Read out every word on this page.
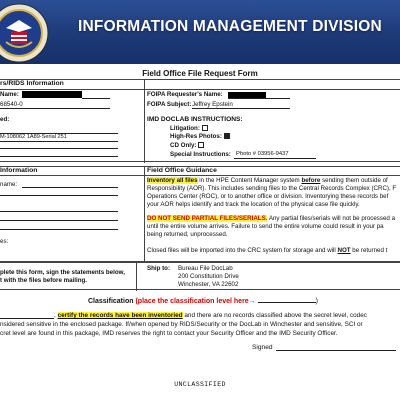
INFORMATION MANAGEMENT DIVISION
Field Office File Request Form
rs/RIDS Information
Name:
68540-0
ed:
M-108062 1A89-Serial 251
FOIPA Requester's Name:
FOIPA Subject: Jeffrey Epstein
IMD DOCLAB INSTRUCTIONS:
Litigation:
High-Res Photos:
CD Only:
Special Instructions: Photo # 03956-9437
Information	Field Office Guidance
name:
es:
Inventory all files in the HPE Content Manager system before sending them outside of
Responsibility (AOR). This includes sending files to the Central Records Complex (CRC), F
Operations Center (ROC), or to another office or division. Inventorying these records bef
your AOR helps identify and track the location of the physical case file quickly.
DO NOT SEND PARTIAL FILES/SERIALS. Any partial files/serials will not be processed a
until the entire volume arrives. Failure to send the entire volume could result in your pa
being returned, unprocessed.
Closed files will be imported into the CRC system for storage and will NOT be returned t
plete this form, sign the statements below,
t with the files before mailing.
Ship to: Bureau File DocLab
200 Constitution Drive
Winchester, VA 22602
Classification (place the classification level here→	)
, certify the records have been inventoried and there are no records classified above the secret level, codec
nsidered sensitive in the enclosed package. If/when opened by RIDS/Security or the DocLab in Winchester and sensitive, SCI or
cret level are found in this package, IMD reserves the right to contact your Security Officer and the IMD Security Officer.
Signed
UNCLASSIFIED
